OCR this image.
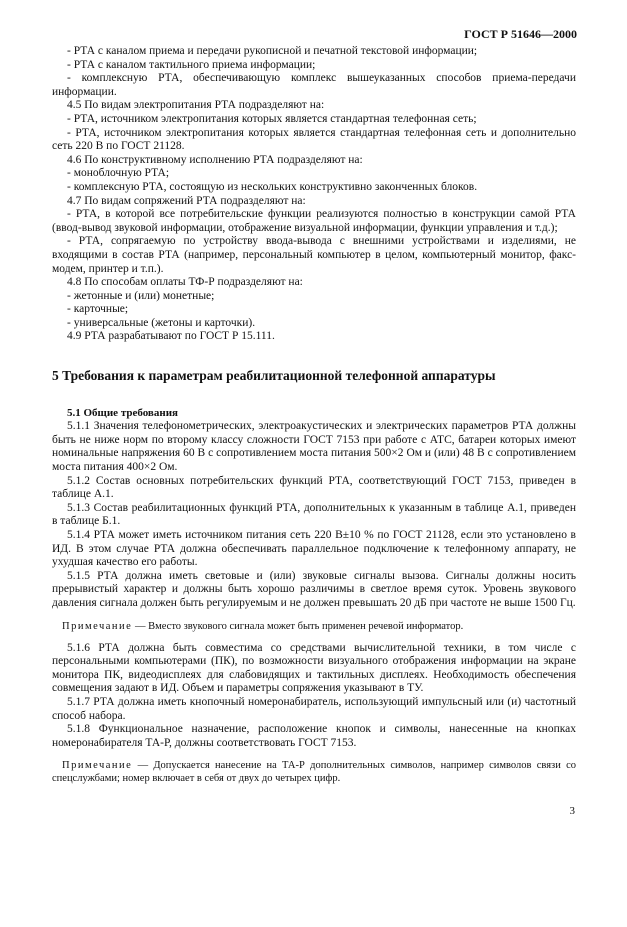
ГОСТ Р 51646—2000

- РТА с каналом приема и передачи рукописной и печатной текстовой информации;

- РТА с каналом тактильного приема информации;

- комплексную РТА, обеспечивающую комплекс вышеуказанных способов приема-передачи информации.

4.5 По видам электропитания РТА подразделяют на:

- РТА, источником электропитания которых является стандартная телефонная сеть;

- РТА, источником электропитания которых является стандартная телефонная сеть и дополнительно сеть 220 В по ГОСТ 21128.

4.6 По конструктивному исполнению РТА подразделяют на:

- моноблочную РТА;

- комплексную РТА, состоящую из нескольких конструктивно законченных блоков.

4.7 По видам сопряжений РТА подразделяют на:

- РТА, в которой все потребительские функции реализуются полностью в конструкции самой РТА (ввод-вывод звуковой информации, отображение визуальной информации, функции управления и т.д.);

- РТА, сопрягаемую по устройству ввода-вывода с внешними устройствами и изделиями, не входящими в состав РТА (например, персональный компьютер в целом, компьютерный монитор, факс-модем, принтер и т.п.).

4.8 По способам оплаты ТФ-Р подразделяют на:

- жетонные и (или) монетные;

- карточные;

- универсальные (жетоны и карточки).

4.9 РТА разрабатывают по ГОСТ Р 15.111.

5 Требования к параметрам реабилитационной телефонной аппаратуры
5.1 Общие требования

5.1.1 Значения телефонометрических, электроакустических и электрических параметров РТА должны быть не ниже норм по второму классу сложности ГОСТ 7153 при работе с АТС, батареи которых имеют номинальные напряжения 60 В с сопротивлением моста питания 500×2 Ом и (или) 48 В с сопротивлением моста питания 400×2 Ом.

5.1.2 Состав основных потребительских функций РТА, соответствующий ГОСТ 7153, приведен в таблице А.1.

5.1.3 Состав реабилитационных функций РТА, дополнительных к указанным в таблице А.1, приведен в таблице Б.1.

5.1.4 РТА может иметь источником питания сеть 220 В±10 % по ГОСТ 21128, если это установлено в ИД. В этом случае РТА должна обеспечивать параллельное подключение к телефонному аппарату, не ухудшая качество его работы.

5.1.5 РТА должна иметь световые и (или) звуковые сигналы вызова. Сигналы должны носить прерывистый характер и должны быть хорошо различимы в светлое время суток. Уровень звукового давления сигнала должен быть регулируемым и не должен превышать 20 дБ при частоте не выше 1500 Гц.

Примечание — Вместо звукового сигнала может быть применен речевой информатор.

5.1.6 РТА должна быть совместима со средствами вычислительной техники, в том числе с персональными компьютерами (ПК), по возможности визуального отображения информации на экране монитора ПК, видеодисплеях для слабовидящих и тактильных дисплеях. Необходимость обеспечения совмещения задают в ИД. Объем и параметры сопряжения указывают в ТУ.

5.1.7 РТА должна иметь кнопочный номеронабиратель, использующий импульсный или (и) частотный способ набора.

5.1.8 Функциональное назначение, расположение кнопок и символы, нанесенные на кнопках номеронабирателя ТА-Р, должны соответствовать ГОСТ 7153.

Примечание — Допускается нанесение на ТА-Р дополнительных символов, например символов связи со спецслужбами; номер включает в себя от двух до четырех цифр.

3
